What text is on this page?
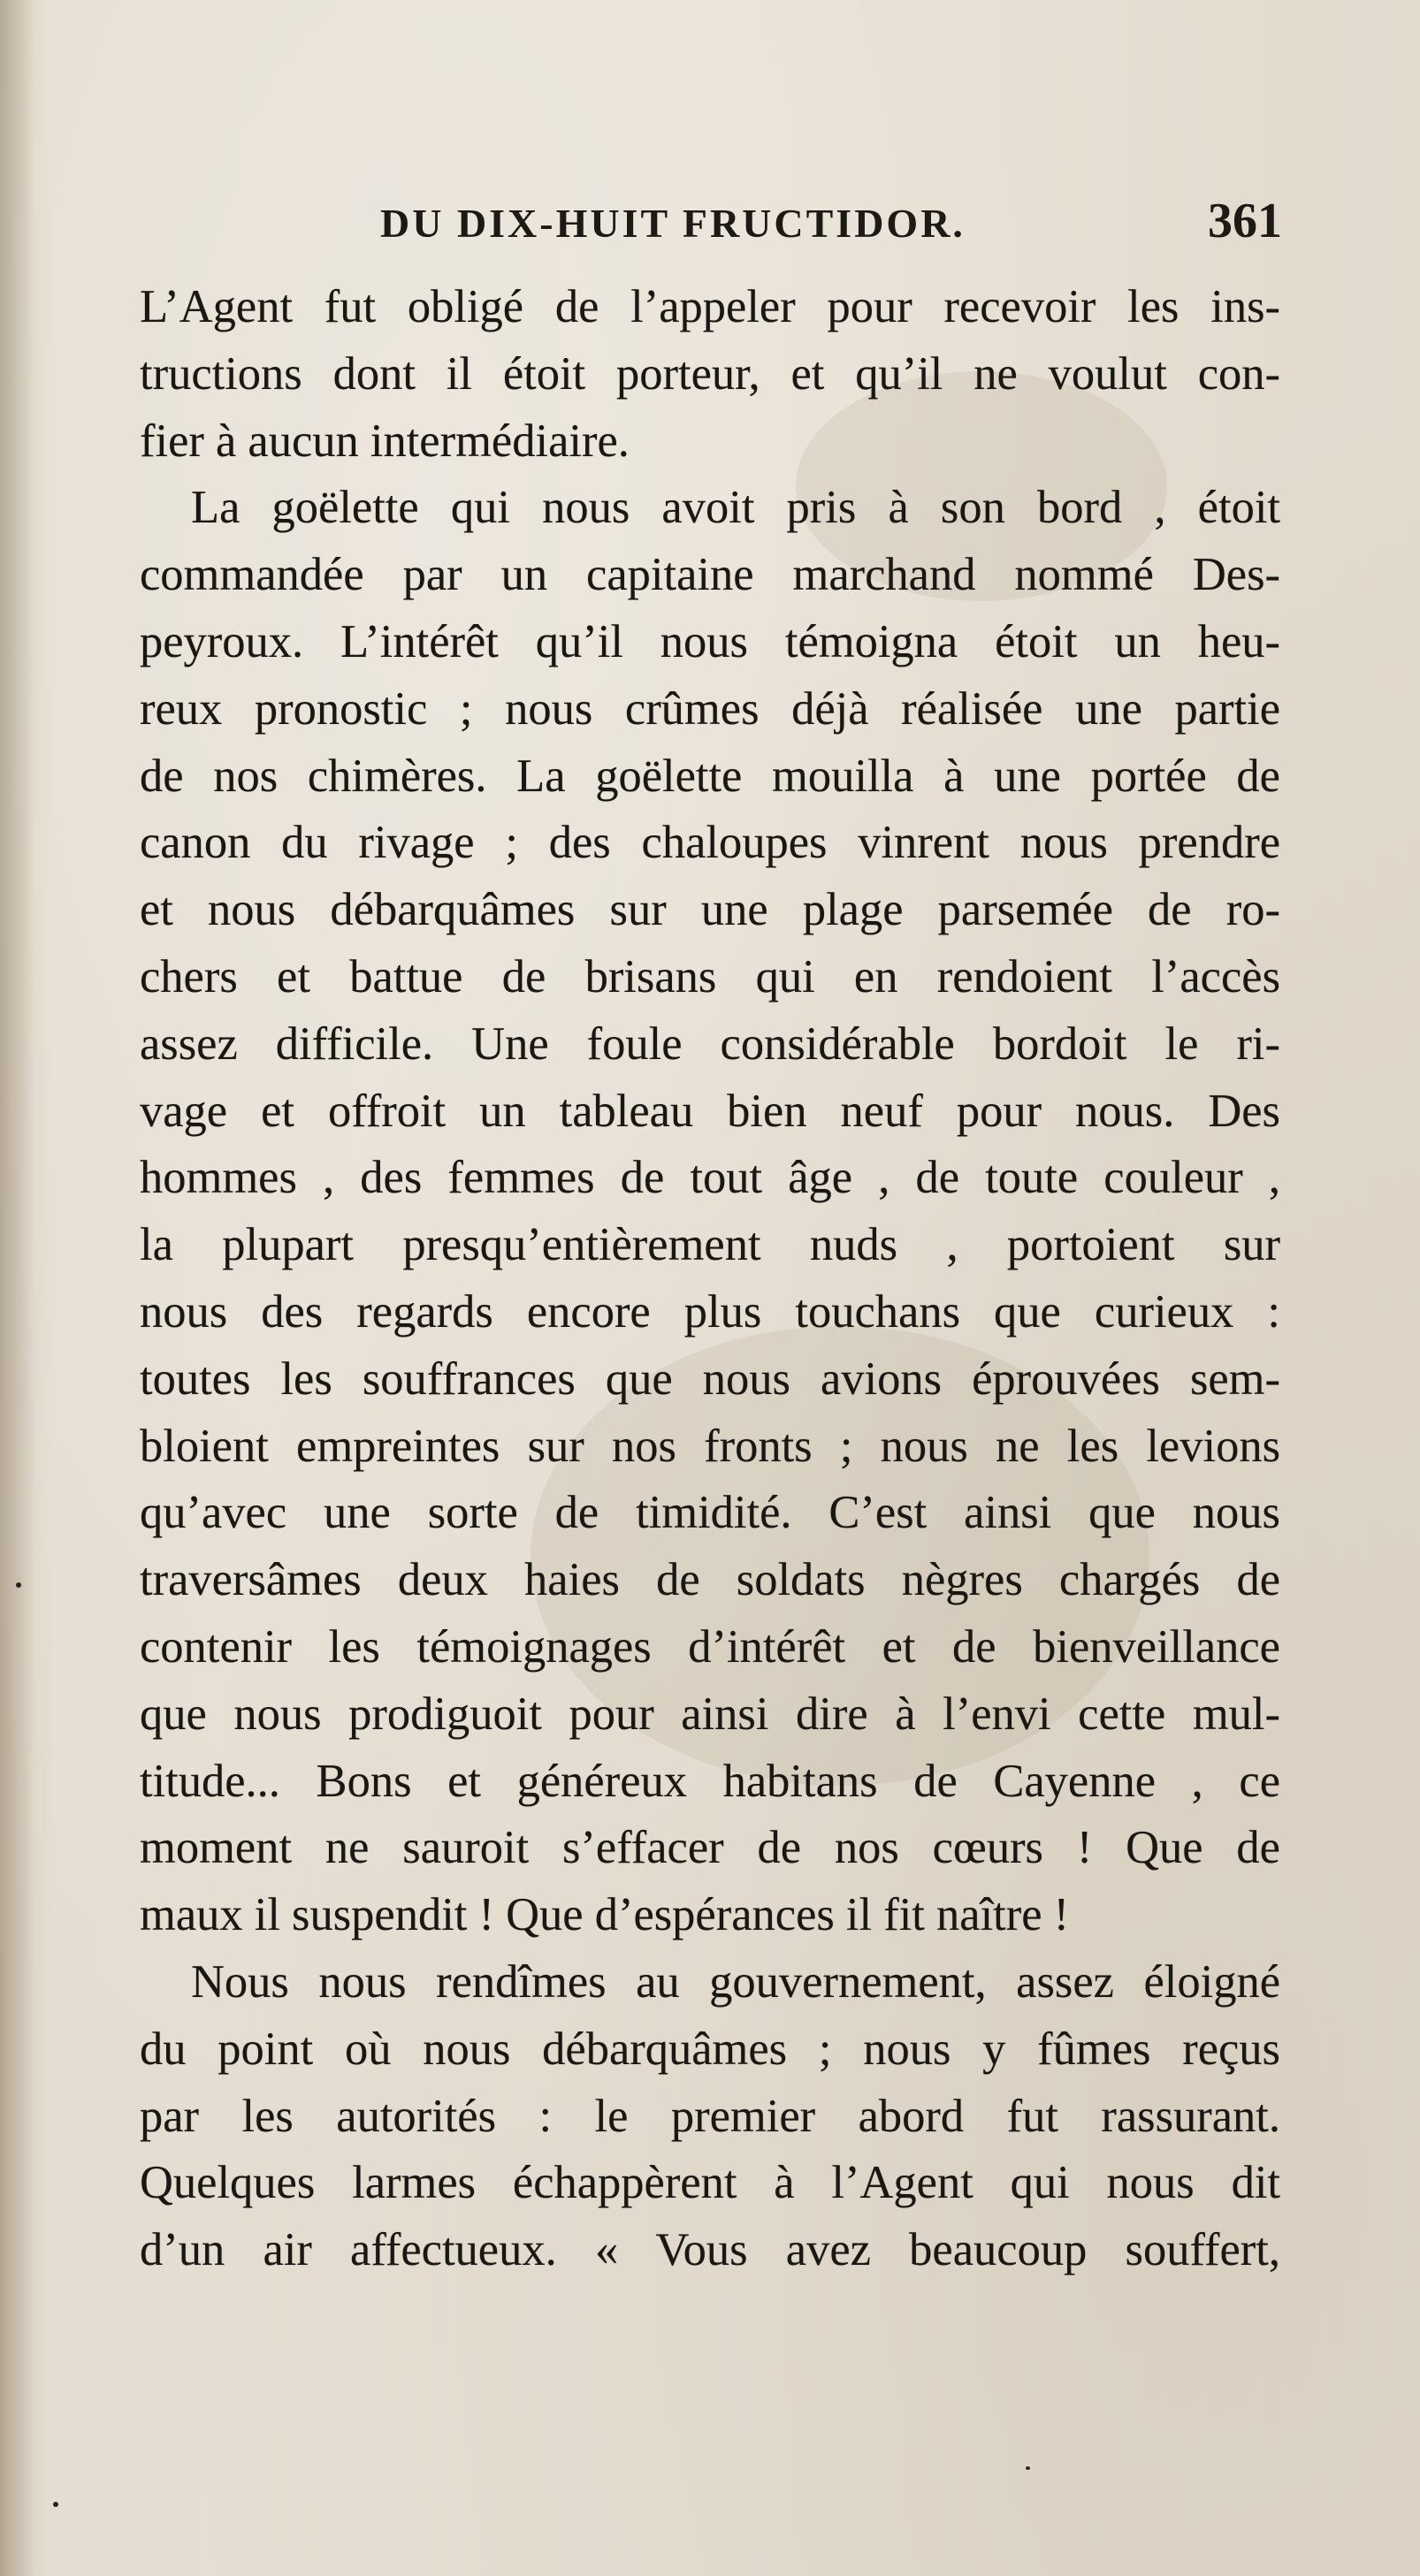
DU DIX-HUIT FRUCTIDOR.	361
L’Agent fut obligé de l’appeler pour recevoir les ins-
tructions dont il étoit porteur, et qu’il ne voulut con-
fier à aucun intermédiaire.
La goëlette qui nous avoit pris à son bord , étoit
commandée par un capitaine marchand nommé Des-
peyroux. L’intérêt qu’il nous témoigna étoit un heu-
reux pronostic ; nous crûmes déjà réalisée une partie
de nos chimères. La goëlette mouilla à une portée de
canon du rivage ; des chaloupes vinrent nous prendre
et nous débarquâmes sur une plage parsemée de ro-
chers et battue de brisans qui en rendoient l’accès
assez difficile. Une foule considérable bordoit le ri-
vage et offroit un tableau bien neuf pour nous. Des
hommes , des femmes de tout âge , de toute couleur ,
la plupart presqu’entièrement nuds , portoient sur
nous des regards encore plus touchans que curieux :
toutes les souffrances que nous avions éprouvées sem-
bloient empreintes sur nos fronts ; nous ne les levions
qu’avec une sorte de timidité. C’est ainsi que nous
traversâmes deux haies de soldats nègres chargés de
contenir les témoignages d’intérêt et de bienveillance
que nous prodiguoit pour ainsi dire à l’envi cette mul-
titude... Bons et généreux habitans de Cayenne , ce
moment ne sauroit s’effacer de nos cœurs ! Que de
maux il suspendit ! Que d’espérances il fit naître !
Nous nous rendîmes au gouvernement, assez éloigné
du point où nous débarquâmes ; nous y fûmes reçus
par les autorités : le premier abord fut rassurant.
Quelques larmes échappèrent à l’Agent qui nous dit
d’un air affectueux. « Vous avez beaucoup souffert,
